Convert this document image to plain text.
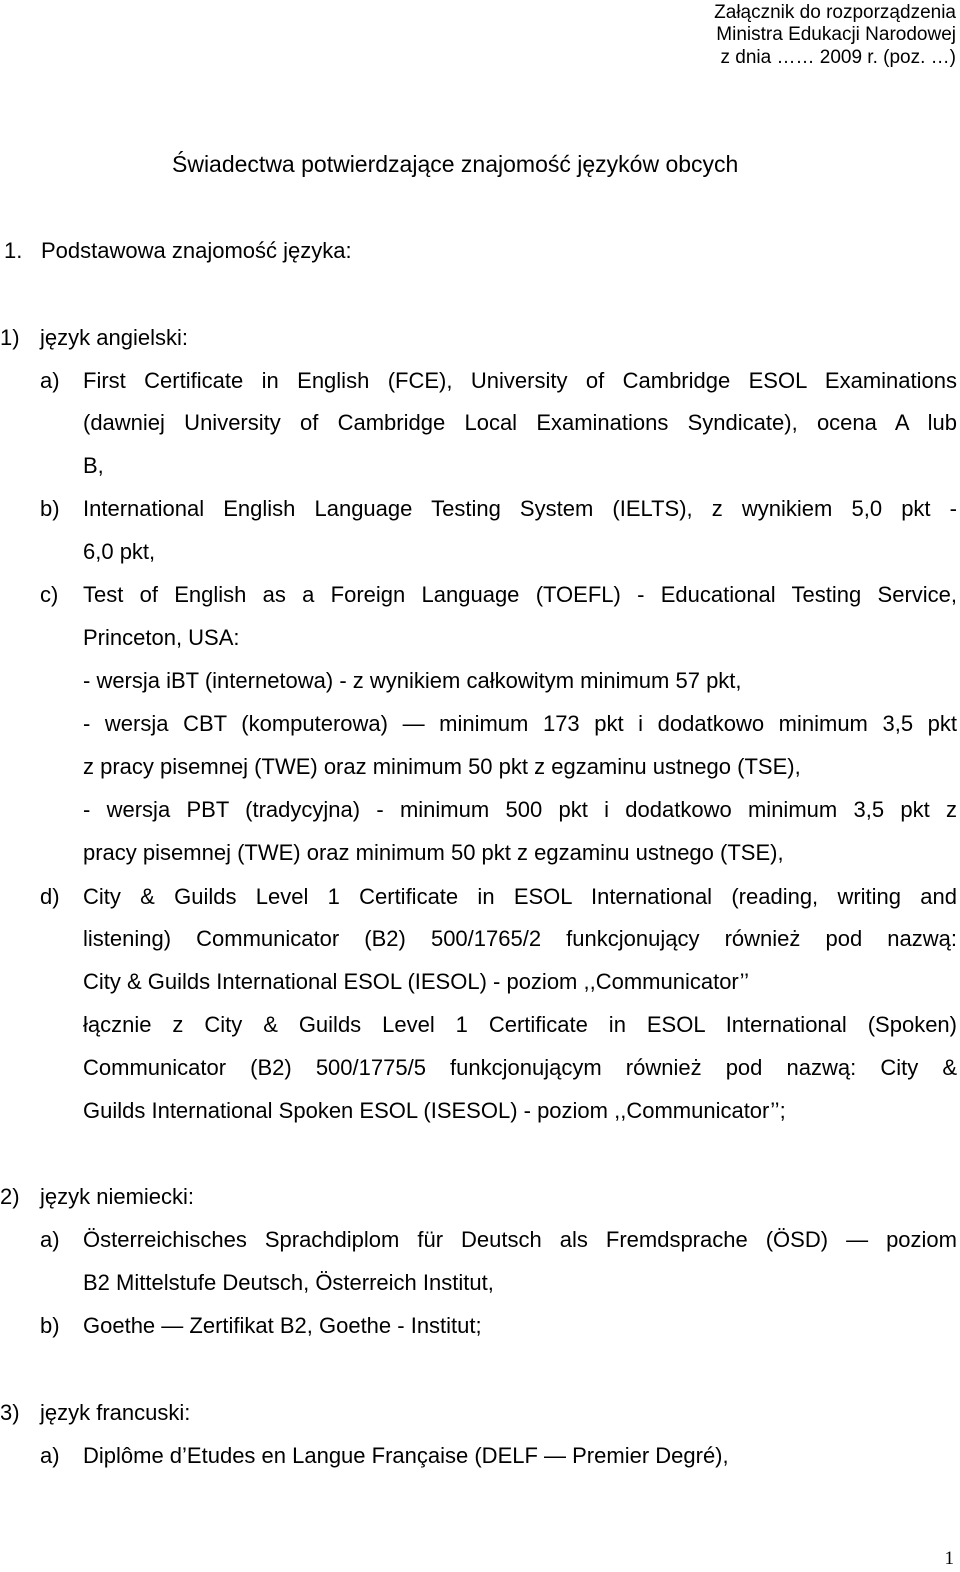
Załącznik do rozporządzenia
Ministra Edukacji Narodowej
z dnia …… 2009 r. (poz. …)
Świadectwa potwierdzające znajomość języków obcych
1. Podstawowa znajomość języka:
1) język angielski:
a) First Certificate in English (FCE), University of Cambridge ESOL Examinations
(dawniej University of Cambridge Local Examinations Syndicate), ocena A lub
B,
b) International English Language Testing System (IELTS), z wynikiem 5,0 pkt -
6,0 pkt,
c) Test of English as a Foreign Language (TOEFL) - Educational Testing Service,
Princeton, USA:
- wersja iBT (internetowa) - z wynikiem całkowitym minimum 57 pkt,
- wersja CBT (komputerowa) ― minimum 173 pkt i dodatkowo minimum 3,5 pkt
z pracy pisemnej (TWE) oraz minimum 50 pkt z egzaminu ustnego (TSE),
- wersja PBT (tradycyjna) - minimum 500 pkt i dodatkowo minimum 3,5 pkt z
pracy pisemnej (TWE) oraz minimum 50 pkt z egzaminu ustnego (TSE),
d) City & Guilds Level 1 Certificate in ESOL International (reading, writing and
listening) Communicator (B2) 500/1765/2 funkcjonujący również pod nazwą:
City & Guilds International ESOL (IESOL) - poziom ,,Communicator’’
łącznie z City & Guilds Level 1 Certificate in ESOL International (Spoken)
Communicator (B2) 500/1775/5 funkcjonującym również pod nazwą: City &
Guilds International Spoken ESOL (ISESOL) - poziom ,,Communicator’’;
2) język niemiecki:
a) Österreichisches Sprachdiplom für Deutsch als Fremdsprache (ÖSD) ― poziom
B2 Mittelstufe Deutsch, Österreich Institut,
b) Goethe ― Zertifikat B2, Goethe - Institut;
3) język francuski:
a) Diplôme d’Etudes en Langue Française (DELF ― Premier Degré),
1
